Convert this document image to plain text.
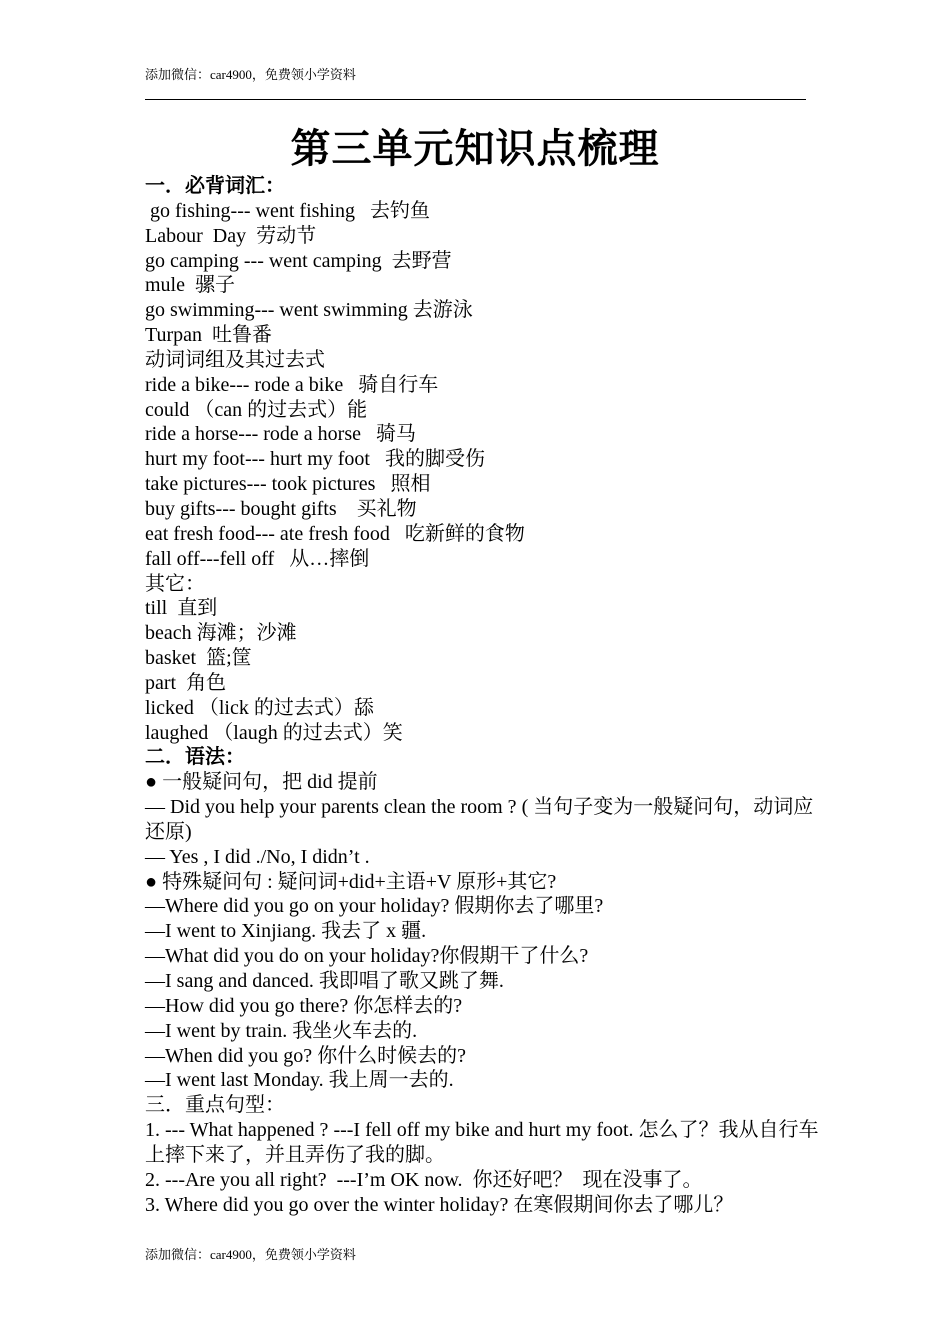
添加微信：car4900，免费领小学资料
第三单元知识点梳理
一．必背词汇：
go fishing--- went fishing   去钓鱼
Labour  Day  劳动节
go camping --- went camping  去野营
mule  骡子
go swimming--- went swimming 去游泳
Turpan  吐鲁番
动词词组及其过去式
ride a bike--- rode a bike   骑自行车
could （can 的过去式）能
ride a horse--- rode a horse   骑马
hurt my foot--- hurt my foot   我的脚受伤
take pictures--- took pictures   照相
buy gifts--- bought gifts    买礼物
eat fresh food--- ate fresh food   吃新鲜的食物
fall off---fell off   从…摔倒
其它：
till  直到
beach 海滩；沙滩
basket  篮;筐
part  角色
licked （lick 的过去式）舔
laughed （laugh 的过去式）笑
二．语法：
● 一般疑问句，把 did 提前
— Did you help your parents clean the room ? ( 当句子变为一般疑问句，动词应还原)
— Yes , I did ./No, I didn’t .
● 特殊疑问句 : 疑问词+did+主语+V 原形+其它?
—Where did you go on your holiday? 假期你去了哪里?
—I went to Xinjiang. 我去了 x 疆.
—What did you do on your holiday?你假期干了什么?
—I sang and danced. 我即唱了歌又跳了舞.
—How did you go there? 你怎样去的?
—I went by train. 我坐火车去的.
—When did you go? 你什么时候去的?
—I went last Monday. 我上周一去的.
三．重点句型：
1. --- What happened ? ---I fell off my bike and hurt my foot. 怎么了？我从自行车上摔下来了，并且弄伤了我的脚。
2. ---Are you all right?  ---I’m OK now.  你还好吧？  现在没事了。
3. Where did you go over the winter holiday? 在寒假期间你去了哪儿？
添加微信：car4900，免费领小学资料
